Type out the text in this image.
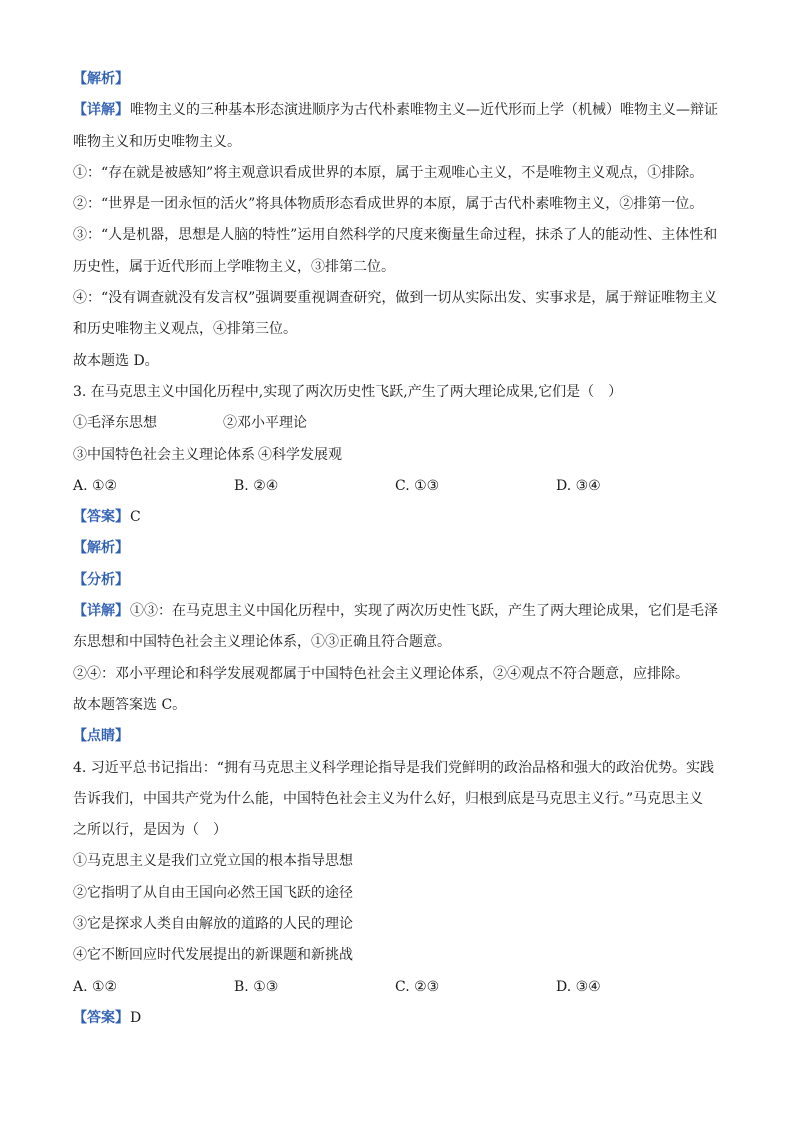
【解析】
【详解】唯物主义的三种基本形态演进顺序为古代朴素唯物主义—近代形而上学（机械）唯物主义—辩证
唯物主义和历史唯物主义。
①：“存在就是被感知”将主观意识看成世界的本原，属于主观唯心主义，不是唯物主义观点，①排除。
②：“世界是一团永恒的活火”将具体物质形态看成世界的本原，属于古代朴素唯物主义，②排第一位。
③：“人是机器，思想是人脑的特性”运用自然科学的尺度来衡量生命过程，抹杀了人的能动性、主体性和
历史性，属于近代形而上学唯物主义，③排第二位。
④：“没有调查就没有发言权”强调要重视调查研究，做到一切从实际出发、实事求是，属于辩证唯物主义
和历史唯物主义观点，④排第三位。
故本题选 D。
3. 在马克思主义中国化历程中,实现了两次历史性飞跃,产生了两大理论成果,它们是（　）
①毛泽东思想	②邓小平理论
③中国特色社会主义理论体系 ④科学发展观
A. ①②	B. ②④	C. ①③	D. ③④
【答案】C
【解析】
【分析】
【详解】①③：在马克思主义中国化历程中，实现了两次历史性飞跃，产生了两大理论成果，它们是毛泽
东思想和中国特色社会主义理论体系，①③正确且符合题意。
②④：邓小平理论和科学发展观都属于中国特色社会主义理论体系，②④观点不符合题意，应排除。
故本题答案选 C。
【点睛】
4. 习近平总书记指出：“拥有马克思主义科学理论指导是我们党鲜明的政治品格和强大的政治优势。实践
告诉我们，中国共产党为什么能，中国特色社会主义为什么好，归根到底是马克思主义行。”马克思主义
之所以行，是因为（　）
①马克思主义是我们立党立国的根本指导思想
②它指明了从自由王国向必然王国飞跃的途径
③它是探求人类自由解放的道路的人民的理论
④它不断回应时代发展提出的新课题和新挑战
A. ①②	B. ①③	C. ②③	D. ③④
【答案】D
